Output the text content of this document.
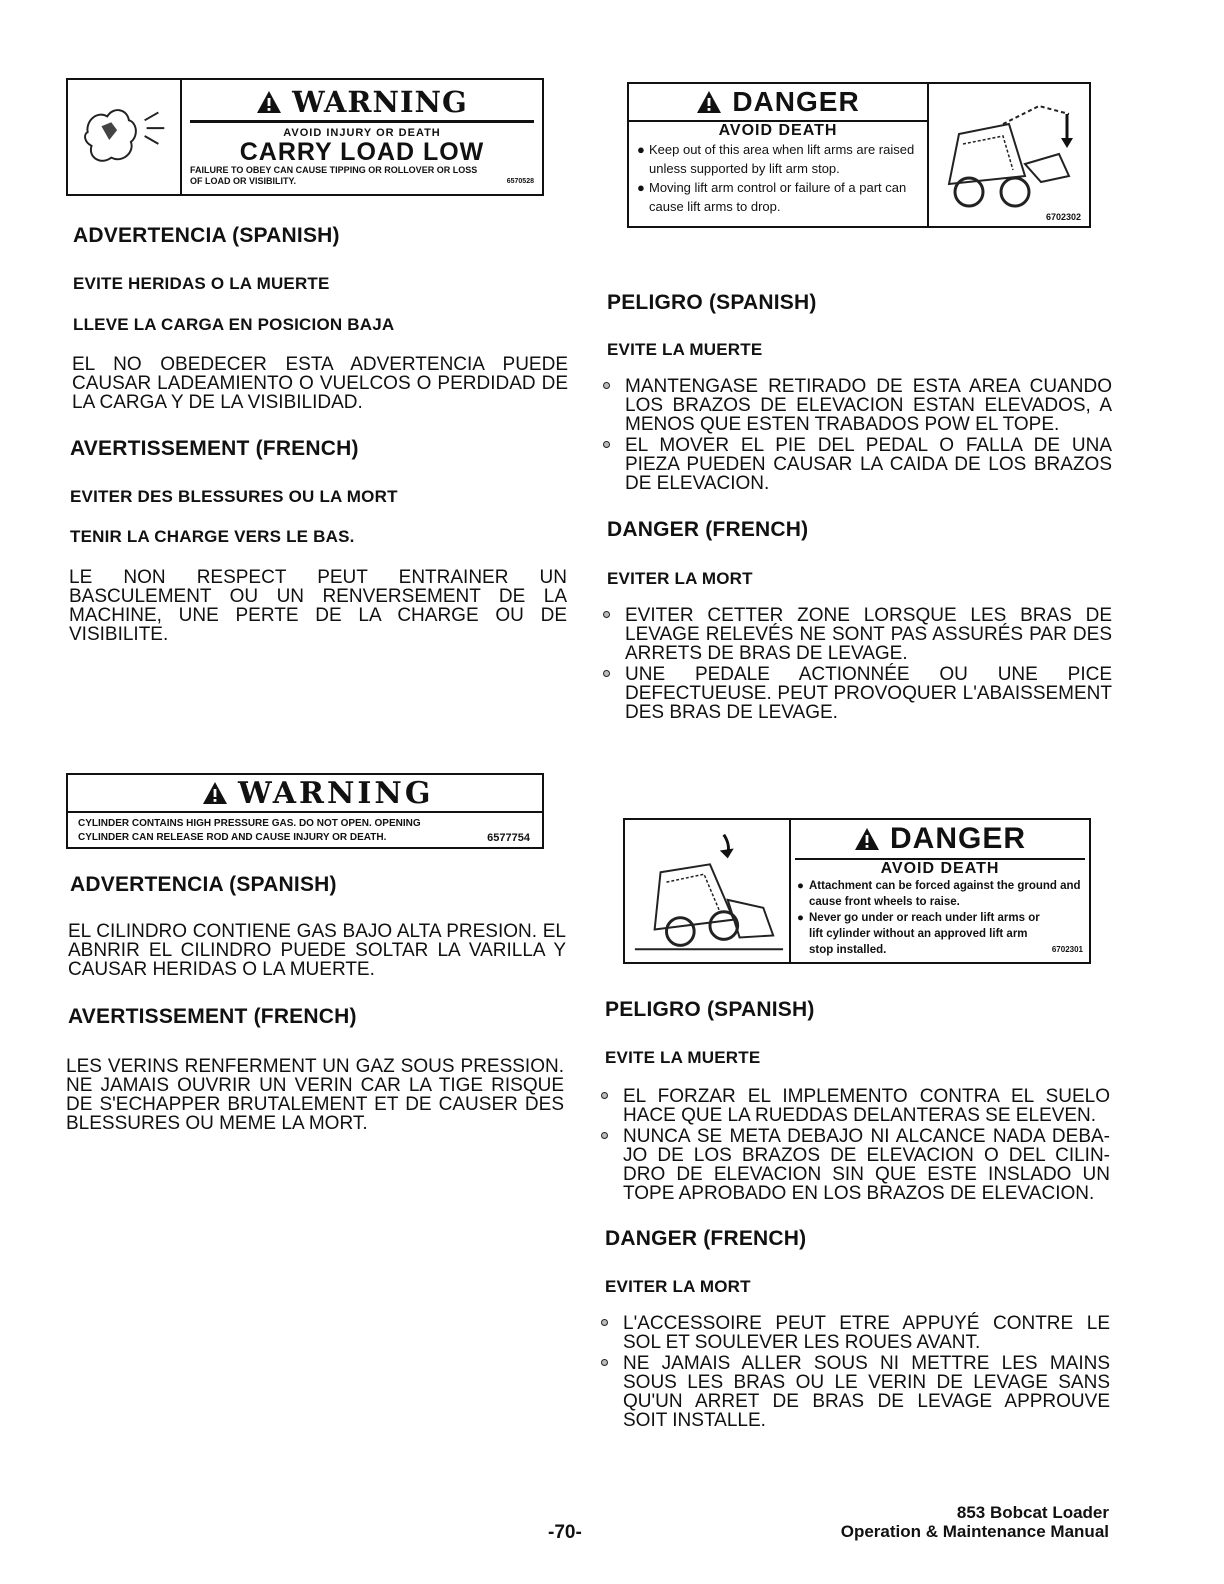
WARNING
AVOID INJURY OR DEATH
CARRY LOAD LOW
FAILURE TO OBEY CAN CAUSE TIPPING OR ROLLOVER OR LOSS OF LOAD OR VISIBILITY.	6570528
ADVERTENCIA (SPANISH)
EVITE HERIDAS O LA MUERTE
LLEVE LA CARGA EN POSICION BAJA
EL NO OBEDECER ESTA ADVERTENCIA PUEDE CAUSAR LADEAMIENTO O VUELCOS O PERDIDAD DE LA CARGA Y DE LA VISIBILIDAD.
AVERTISSEMENT (FRENCH)
EVITER DES BLESSURES OU LA MORT
TENIR LA CHARGE VERS LE BAS.
LE NON RESPECT PEUT ENTRAINER UN BASCULEMENT OU UN RENVERSEMENT DE LA MACHINE, UNE PERTE DE LA CHARGE OU DE VISIBILITE.
WARNING
CYLINDER CONTAINS HIGH PRESSURE GAS. DO NOT OPEN. OPENING CYLINDER CAN RELEASE ROD AND CAUSE INJURY OR DEATH.	6577754
ADVERTENCIA (SPANISH)
EL CILINDRO CONTIENE GAS BAJO ALTA PRESION. EL ABNRIR EL CILINDRO PUEDE SOLTAR LA VARILLA Y CAUSAR HERIDAS O LA MUERTE.
AVERTISSEMENT (FRENCH)
LES VERINS RENFERMENT UN GAZ SOUS PRESSION. NE JAMAIS OUVRIR UN VERIN CAR LA TIGE RISQUE DE S'ECHAPPER BRUTALEMENT ET DE CAUSER DES BLESSURES OU MEME LA MORT.
DANGER
AVOID DEATH
● Keep out of this area when lift arms are raised unless supported by lift arm stop.
● Moving lift arm control or failure of a part can cause lift arms to drop.
6702302
PELIGRO (SPANISH)
EVITE LA MUERTE
MANTENGASE RETIRADO DE ESTA AREA CUANDO LOS BRAZOS DE ELEVACION ESTAN ELEVADOS, A MENOS QUE ESTEN TRABADOS POW EL TOPE.
EL MOVER EL PIE DEL PEDAL O FALLA DE UNA PIEZA PUEDEN CAUSAR LA CAIDA DE LOS BRAZOS DE ELEVACION.
DANGER (FRENCH)
EVITER LA MORT
EVITER CETTER ZONE LORSQUE LES BRAS DE LEVAGE RELEVÉS NE SONT PAS ASSURÉS PAR DES ARRETS DE BRAS DE LEVAGE.
UNE PEDALE ACTIONNÉE OU UNE PICE DEFECTUEUSE. PEUT PROVOQUER L'ABAISSEMENT DES BRAS DE LEVAGE.
DANGER
AVOID DEATH
● Attachment can be forced against the ground and cause front wheels to raise.
● Never go under or reach under lift arms or lift cylinder without an approved lift arm stop installed.	6702301
PELIGRO (SPANISH)
EVITE LA MUERTE
EL FORZAR EL IMPLEMENTO CONTRA EL SUELO HACE QUE LA RUEDDAS DELANTERAS SE ELEVEN.
NUNCA SE META DEBAJO NI ALCANCE NADA DEBA-JO DE LOS BRAZOS DE ELEVACION O DEL CILIN-DRO DE ELEVACION SIN QUE ESTE INSLADO UN TOPE APROBADO EN LOS BRAZOS DE ELEVACION.
DANGER (FRENCH)
EVITER LA MORT
L'ACCESSOIRE PEUT ETRE APPUYÉ CONTRE LE SOL ET SOULEVER LES ROUES AVANT.
NE JAMAIS ALLER SOUS NI METTRE LES MAINS SOUS LES BRAS OU LE VERIN DE LEVAGE SANS QU'UN ARRET DE BRAS DE LEVAGE APPROUVE SOIT INSTALLE.
-70-
853 Bobcat Loader
Operation & Maintenance Manual
